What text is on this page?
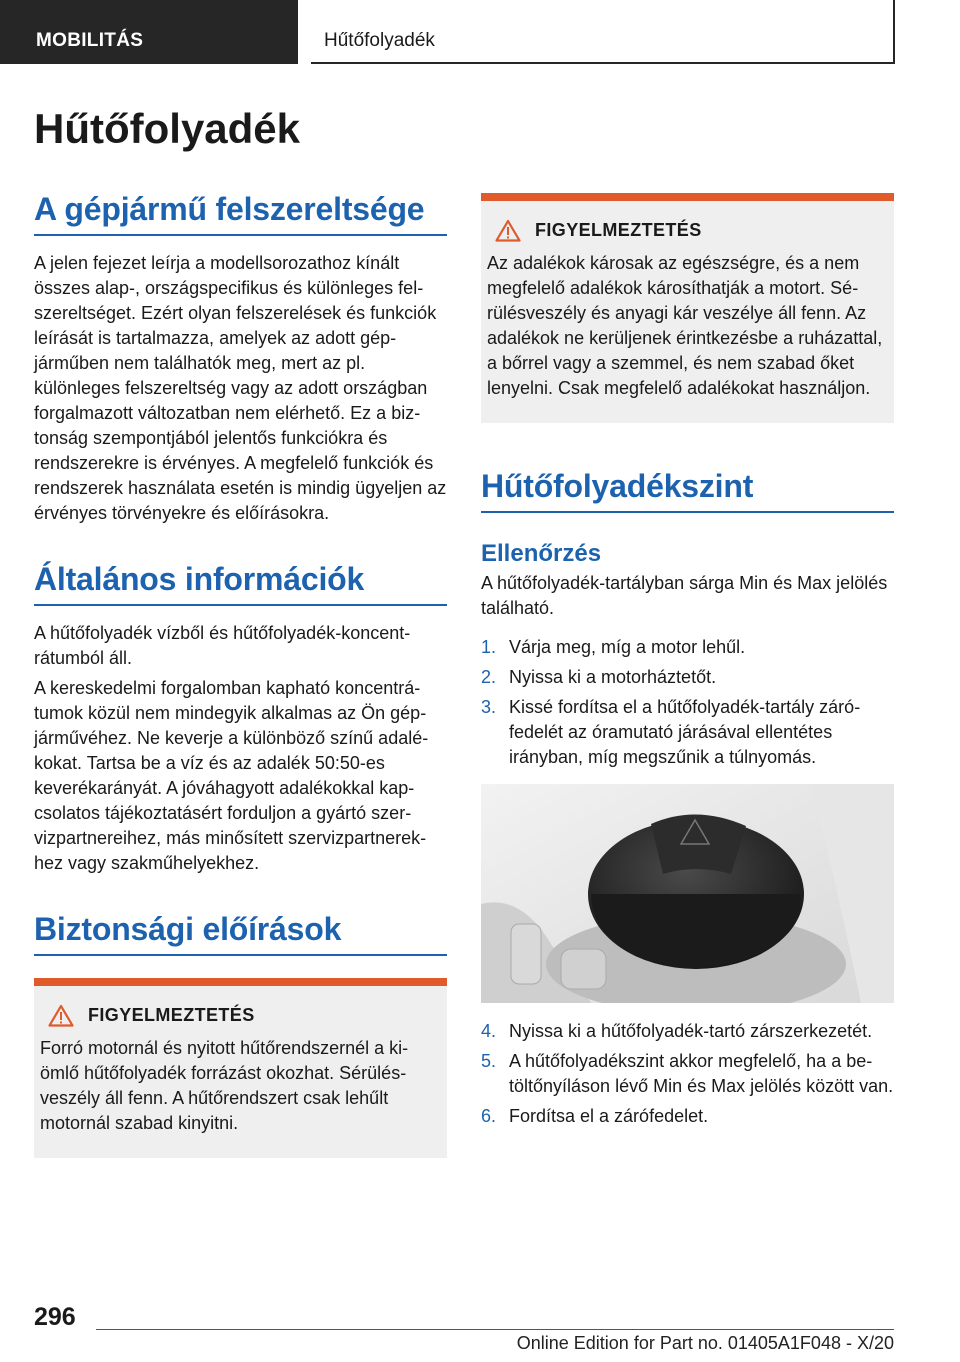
MOBILITÁS	Hűtőfolyadék
Hűtőfolyadék
A gépjármű felszereltsége

A jelen fejezet leírja a modellsorozathoz kínált összes alap-, országspecifikus és különleges felszereltséget. Ezért olyan felszerelések és funkciók leírását is tartalmazza, amelyek az adott gépjárműben nem találhatók meg, mert az pl. különleges felszereltség vagy az adott országban forgalmazott változatban nem elérhető. Ez a biztonság szempontjából jelentős funkciókra és rendszerekre is érvényes. A megfelelő funkciók és rendszerek használata esetén is mindig ügyeljen az érvényes törvényekre és előírásokra.

Általános információk

A hűtőfolyadék vízből és hűtőfolyadék-koncentrátumból áll.

A kereskedelmi forgalomban kapható koncentrátumok közül nem mindegyik alkalmas az Ön gépjárművéhez. Ne keverje a különböző színű adalékokat. Tartsa be a víz és az adalék 50:50-es keverékarányát. A jóváhagyott adalékokkal kapcsolatos tájékoztatásért forduljon a gyártó szervizpartnereihez, más minősített szervizpartnerekhez vagy szakműhelyekhez.

Biztonsági előírások
FIGYELMEZTETÉS
Forró motornál és nyitott hűtőrendszernél a kiömlő hűtőfolyadék forrázást okozhat. Sérülésveszély áll fenn. A hűtőrendszert csak lehűlt motornál szabad kinyitni.
FIGYELMEZTETÉS
Az adalékok károsak az egészségre, és a nem megfelelő adalékok károsíthatják a motort. Sérülésveszély és anyagi kár veszélye áll fenn. Az adalékok ne kerüljenek érintkezésbe a ruházattal, a bőrrel vagy a szemmel, és nem szabad őket lenyelni. Csak megfelelő adalékokat használjon.
Hűtőfolyadékszint
Ellenőrzés

A hűtőfolyadék-tartályban sárga Min és Max jelölés található.

1. Várja meg, míg a motor lehűl.
2. Nyissa ki a motorháztetőt.
3. Kissé fordítsa el a hűtőfolyadék-tartály zárófedelét az óramutató járásával ellentétes irányban, míg megszűnik a túlnyomás.
4. Nyissa ki a hűtőfolyadék-tartó zárszerkezetét.
5. A hűtőfolyadékszint akkor megfelelő, ha a betöltőnyíláson lévő Min és Max jelölés között van.
6. Fordítsa el a zárófedelet.
296
Online Edition for Part no. 01405A1F048 - X/20
